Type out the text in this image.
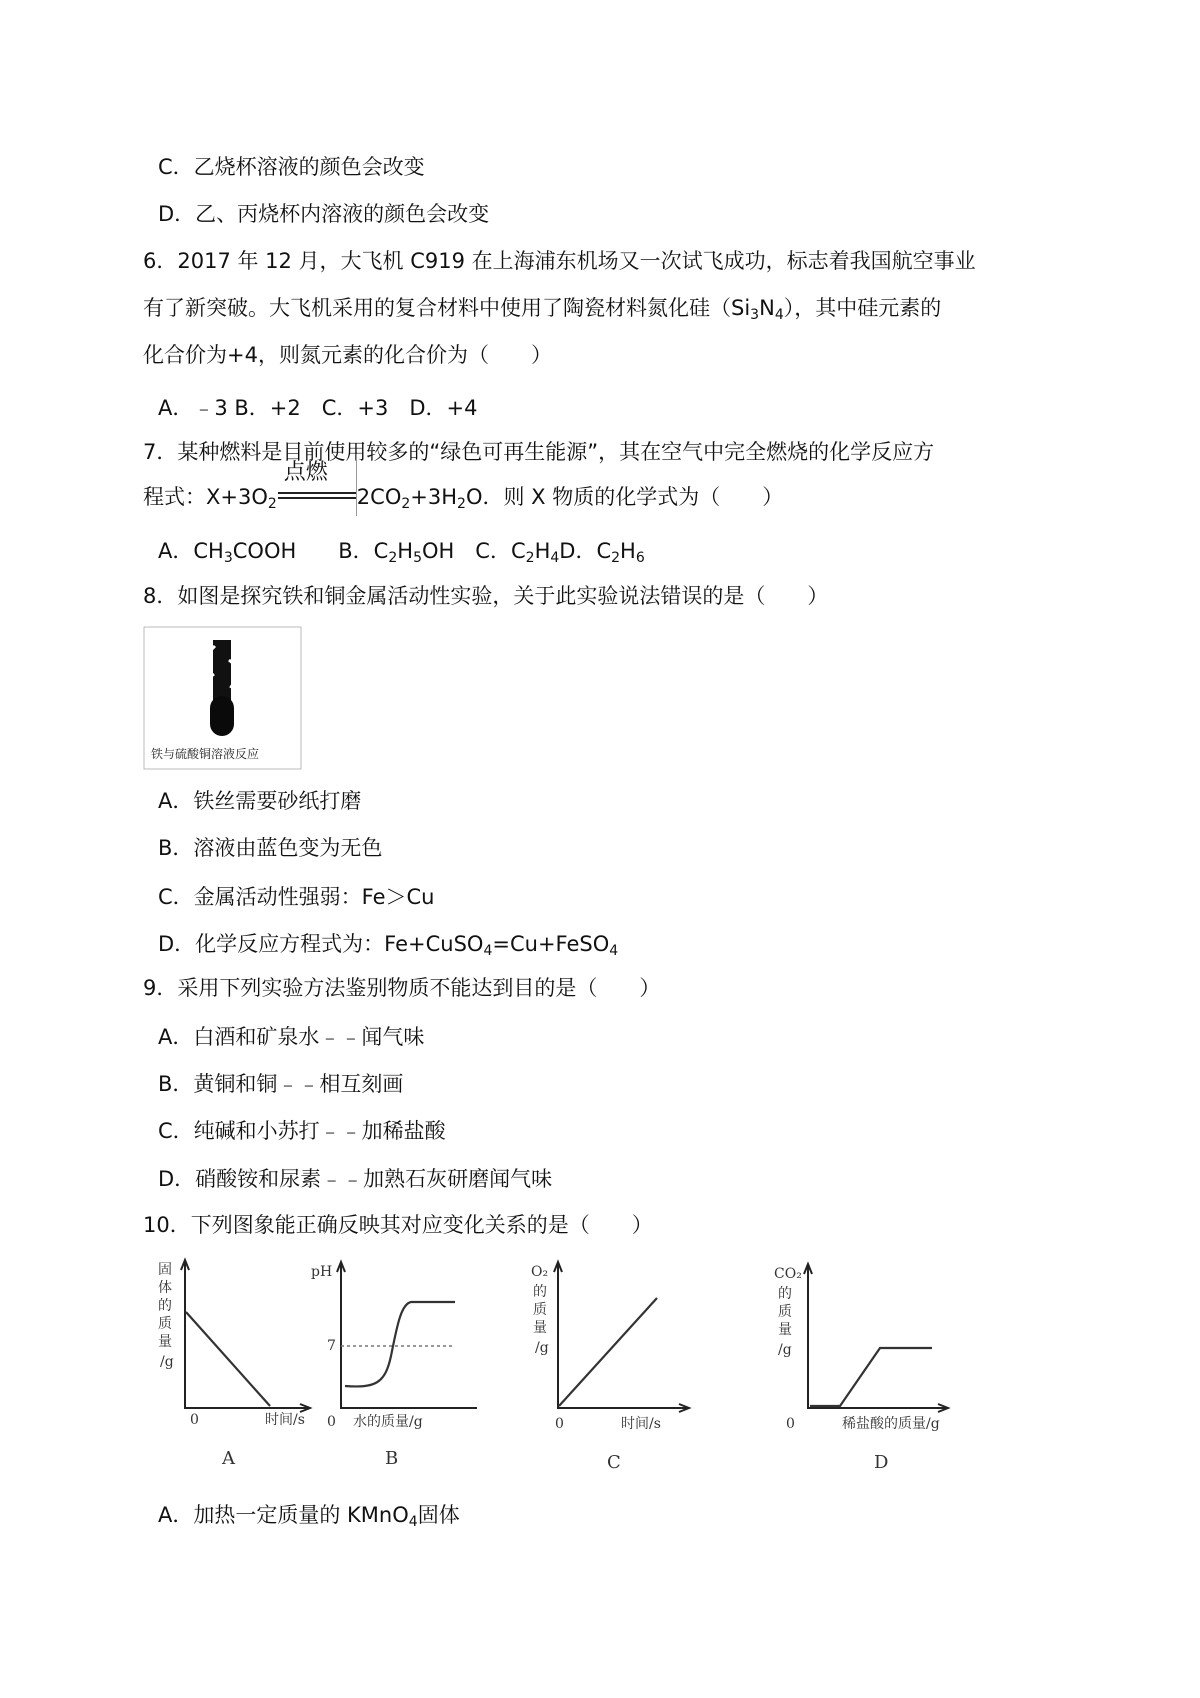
C．乙烧杯溶液的颜色会改变
D．乙、丙烧杯内溶液的颜色会改变
6．2017 年 12 月，大飞机 C919 在上海浦东机场又一次试飞成功，标志着我国航空事业
有了新突破。大飞机采用的复合材料中使用了陶瓷材料氮化硅$(Si_3N_4)$，其中硅元素的
化合价为+4，则氮元素的化合价为（　　）
A．﹣3 B．+2　C．+3　D．+4
7．某种燃料是目前使用较多的“绿色可再生能源”，其在空气中完全燃烧的化学反应方
程式：$X+3O_2$
点燃
$2CO_2+3H_2O$．则 X 物质的化学式为（　　）
A．$CH_3COOH$　　B．$C_2H_5OH$　C．$C_2H_4D$．$C_2H_6$
8．如图是探究铁和铜金属活动性实验，关于此实验说法错误的是（　　）
铁与硫酸铜溶液反应
A．铁丝需要砂纸打磨
B．溶液由蓝色变为无色
C．金属活动性强弱：Fe＞Cu
D．化学反应方程式为：Fe+CuSO$_4$=Cu+FeSO$_4$
9．采用下列实验方法鉴别物质不能达到目的是（　　）
A．白酒和矿泉水﹣﹣闻气味
B．黄铜和铜﹣﹣相互刻画
C．纯碱和小苏打﹣﹣加稀盐酸
D．硝酸铵和尿素﹣﹣加熟石灰研磨闻气味
10．下列图象能正确反映其对应变化关系的是（　　）
固
体
的
质
量
/g
0	时间/s
A
pH
7
0 水的质量/g
B
O₂
的
质
量
/g
0	时间/s
C
CO₂
的
质
量
/g
0	稀盐酸的质量/g
D
A．加热一定质量的 KMnO$_4$固体
